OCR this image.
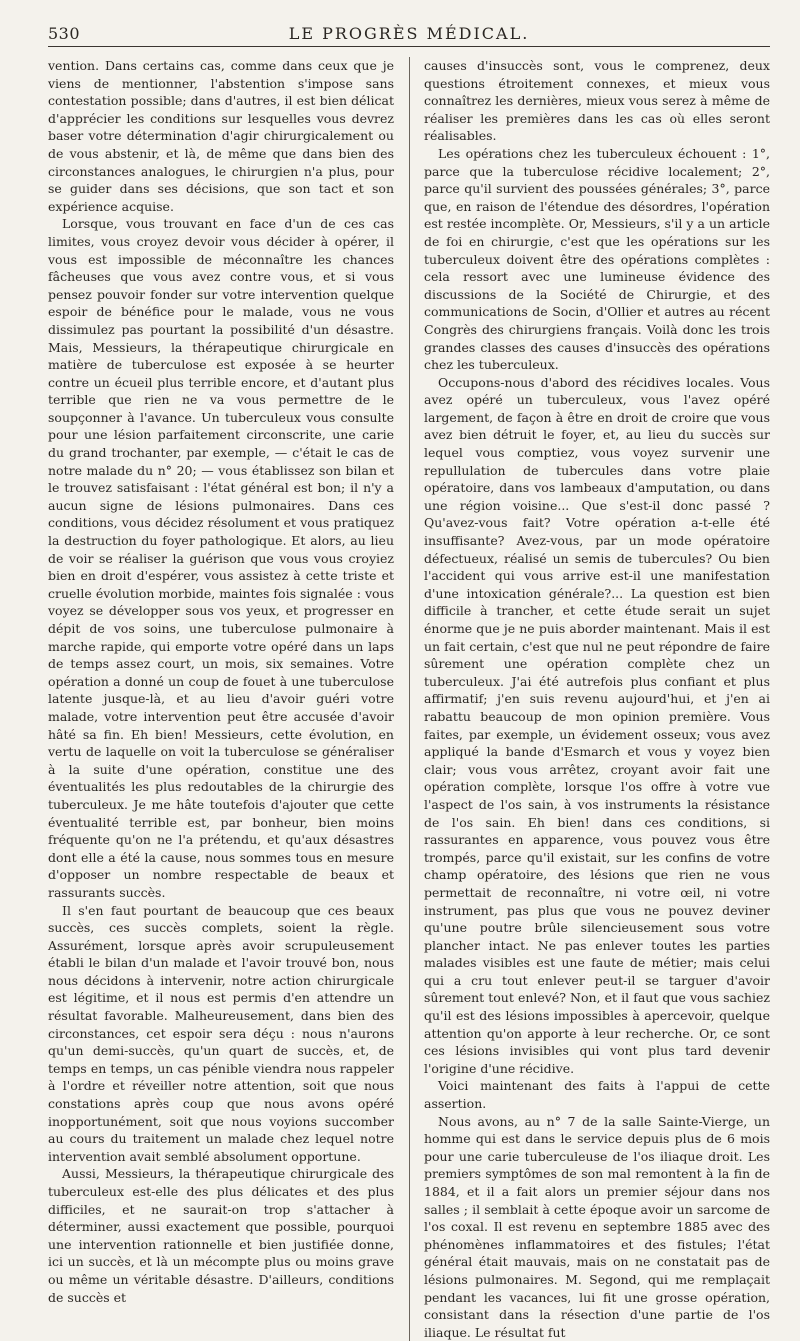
530	LE PROGRÈS MÉDICAL.

vention. Dans certains cas, comme dans ceux que je viens de mentionner, l'abstention s'impose sans contestation possible; dans d'autres, il est bien délicat d'apprécier les conditions sur lesquelles vous devrez baser votre détermination d'agir chirurgicalement ou de vous abstenir, et là, de même que dans bien des circonstances analogues, le chirurgien n'a plus, pour se guider dans ses décisions, que son tact et son expérience acquise.

Lorsque, vous trouvant en face d'un de ces cas limites, vous croyez devoir vous décider à opérer, il vous est impossible de méconnaître les chances fâcheuses que vous avez contre vous, et si vous pensez pouvoir fonder sur votre intervention quelque espoir de bénéfice pour le malade, vous ne vous dissimulez pas pourtant la possibilité d'un désastre. Mais, Messieurs, la thérapeutique chirurgicale en matière de tuberculose est exposée à se heurter contre un écueil plus terrible encore, et d'autant plus terrible que rien ne va vous permettre de le soupçonner à l'avance. Un tuberculeux vous consulte pour une lésion parfaitement circonscrite, une carie du grand trochanter, par exemple, — c'était le cas de notre malade du n° 20; — vous établissez son bilan et le trouvez satisfaisant : l'état général est bon; il n'y a aucun signe de lésions pulmonaires. Dans ces conditions, vous décidez résolument et vous pratiquez la destruction du foyer pathologique. Et alors, au lieu de voir se réaliser la guérison que vous vous croyiez bien en droit d'espérer, vous assistez à cette triste et cruelle évolution morbide, maintes fois signalée : vous voyez se développer sous vos yeux, et progresser en dépit de vos soins, une tuberculose pulmonaire à marche rapide, qui emporte votre opéré dans un laps de temps assez court, un mois, six semaines. Votre opération a donné un coup de fouet à une tuberculose latente jusque-là, et au lieu d'avoir guéri votre malade, votre intervention peut être accusée d'avoir hâté sa fin. Eh bien! Messieurs, cette évolution, en vertu de laquelle on voit la tuberculose se généraliser à la suite d'une opération, constitue une des éventualités les plus redoutables de la chirurgie des tuberculeux. Je me hâte toutefois d'ajouter que cette éventualité terrible est, par bonheur, bien moins fréquente qu'on ne l'a prétendu, et qu'aux désastres dont elle a été la cause, nous sommes tous en mesure d'opposer un nombre respectable de beaux et rassurants succès.

Il s'en faut pourtant de beaucoup que ces beaux succès, ces succès complets, soient la règle. Assurément, lorsque après avoir scrupuleusement établi le bilan d'un malade et l'avoir trouvé bon, nous nous décidons à intervenir, notre action chirurgicale est légitime, et il nous est permis d'en attendre un résultat favorable. Malheureusement, dans bien des circonstances, cet espoir sera déçu : nous n'aurons qu'un demi-succès, qu'un quart de succès, et, de temps en temps, un cas pénible viendra nous rappeler à l'ordre et réveiller notre attention, soit que nous constations après coup que nous avons opéré inopportunément, soit que nous voyions succomber au cours du traitement un malade chez lequel notre intervention avait semblé absolument opportune.

Aussi, Messieurs, la thérapeutique chirurgicale des tuberculeux est-elle des plus délicates et des plus difficiles, et ne saurait-on trop s'attacher à déterminer, aussi exactement que possible, pourquoi une intervention rationnelle et bien justifiée donne, ici un succès, et là un mécompte plus ou moins grave ou même un véritable désastre. D'ailleurs, conditions de succès et

causes d'insuccès sont, vous le comprenez, deux questions étroitement connexes, et mieux vous connaîtrez les dernières, mieux vous serez à même de réaliser les premières dans les cas où elles seront réalisables.

Les opérations chez les tuberculeux échouent : 1°, parce que la tuberculose récidive localement; 2°, parce qu'il survient des poussées générales; 3°, parce que, en raison de l'étendue des désordres, l'opération est restée incomplète. Or, Messieurs, s'il y a un article de foi en chirurgie, c'est que les opérations sur les tuberculeux doivent être des opérations complètes : cela ressort avec une lumineuse évidence des discussions de la Société de Chirurgie, et des communications de Socin, d'Ollier et autres au récent Congrès des chirurgiens français. Voilà donc les trois grandes classes des causes d'insuccès des opérations chez les tuberculeux.

Occupons-nous d'abord des récidives locales. Vous avez opéré un tuberculeux, vous l'avez opéré largement, de façon à être en droit de croire que vous avez bien détruit le foyer, et, au lieu du succès sur lequel vous comptiez, vous voyez survenir une repullulation de tubercules dans votre plaie opératoire, dans vos lambeaux d'amputation, ou dans une région voisine... Que s'est-il donc passé ? Qu'avez-vous fait? Votre opération a-t-elle été insuffisante? Avez-vous, par un mode opératoire défectueux, réalisé un semis de tubercules? Ou bien l'accident qui vous arrive est-il une manifestation d'une intoxication générale?... La question est bien difficile à trancher, et cette étude serait un sujet énorme que je ne puis aborder maintenant. Mais il est un fait certain, c'est que nul ne peut répondre de faire sûrement une opération complète chez un tuberculeux. J'ai été autrefois plus confiant et plus affirmatif; j'en suis revenu aujourd'hui, et j'en ai rabattu beaucoup de mon opinion première. Vous faites, par exemple, un évidement osseux; vous avez appliqué la bande d'Esmarch et vous y voyez bien clair; vous vous arrêtez, croyant avoir fait une opération complète, lorsque l'os offre à votre vue l'aspect de l'os sain, à vos instruments la résistance de l'os sain. Eh bien! dans ces conditions, si rassurantes en apparence, vous pouvez vous être trompés, parce qu'il existait, sur les confins de votre champ opératoire, des lésions que rien ne vous permettait de reconnaître, ni votre œil, ni votre instrument, pas plus que vous ne pouvez deviner qu'une poutre brûle silencieusement sous votre plancher intact. Ne pas enlever toutes les parties malades visibles est une faute de métier; mais celui qui a cru tout enlever peut-il se targuer d'avoir sûrement tout enlevé? Non, et il faut que vous sachiez qu'il est des lésions impossibles à apercevoir, quelque attention qu'on apporte à leur recherche. Or, ce sont ces lésions invisibles qui vont plus tard devenir l'origine d'une récidive.

Voici maintenant des faits à l'appui de cette assertion.

Nous avons, au n° 7 de la salle Sainte-Vierge, un homme qui est dans le service depuis plus de 6 mois pour une carie tuberculeuse de l'os iliaque droit. Les premiers symptômes de son mal remontent à la fin de 1884, et il a fait alors un premier séjour dans nos salles ; il semblait à cette époque avoir un sarcome de l'os coxal. Il est revenu en septembre 1885 avec des phénomènes inflammatoires et des fistules; l'état général était mauvais, mais on ne constatait pas de lésions pulmonaires. M. Segond, qui me remplaçait pendant les vacances, lui fit une grosse opération, consistant dans la résection d'une partie de l'os iliaque. Le résultat fut
